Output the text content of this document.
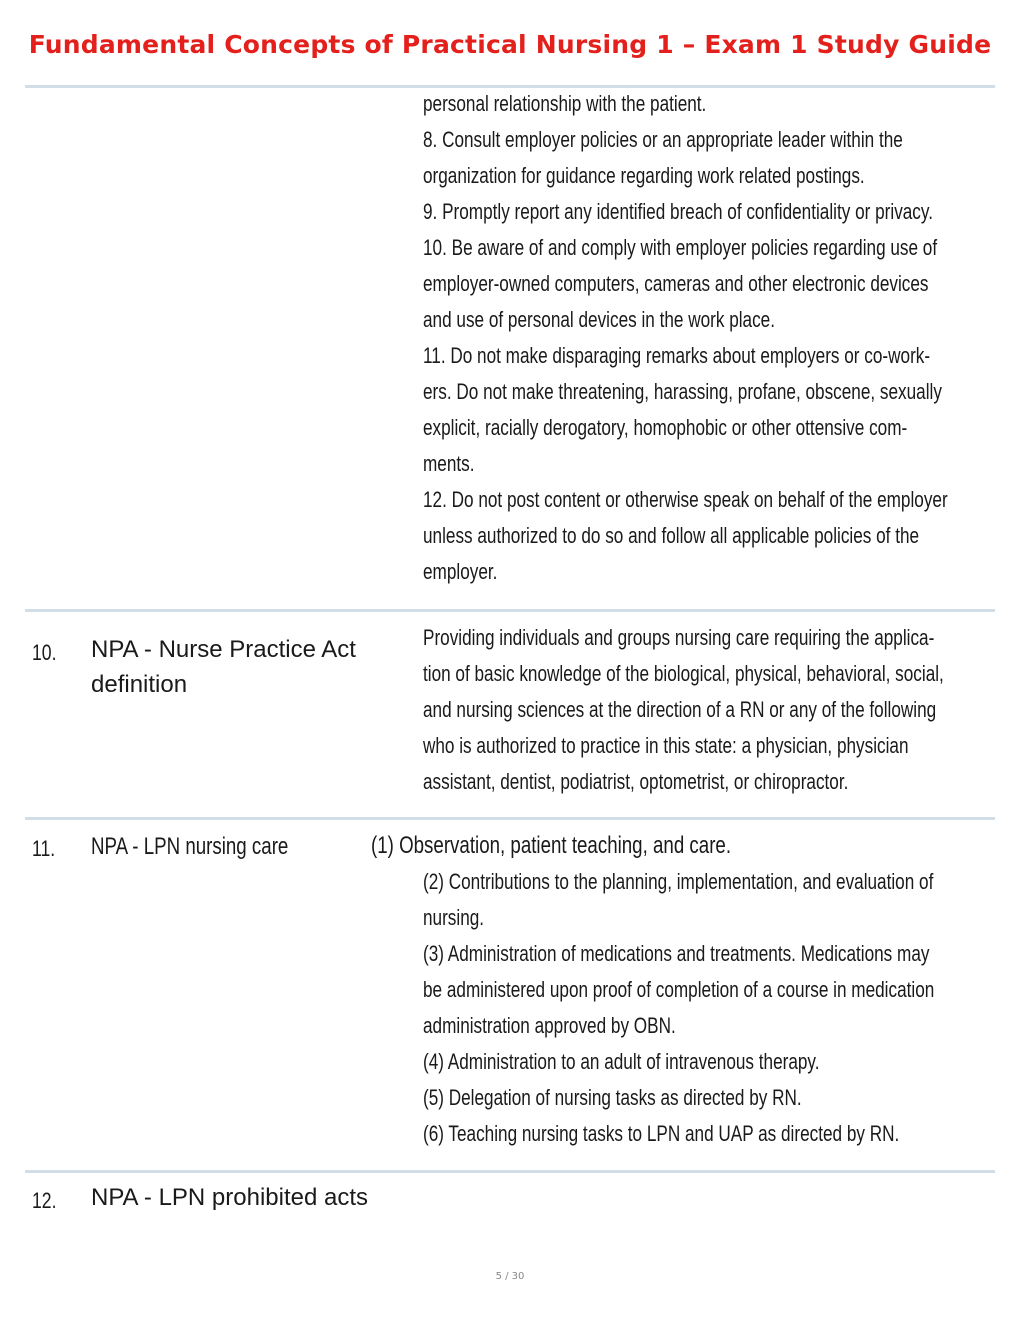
Fundamental Concepts of Practical Nursing 1 – Exam 1 Study Guide
personal relationship with the patient.
8. Consult employer policies or an appropriate leader within the
organization for guidance regarding work related postings.
9. Promptly report any identified breach of confidentiality or privacy.
10. Be aware of and comply with employer policies regarding use of
employer-owned computers, cameras and other electronic devices
and use of personal devices in the work place.
11. Do not make disparaging remarks about employers or co-work-
ers. Do not make threatening, harassing, profane, obscene, sexually
explicit, racially derogatory, homophobic or other ottensive com-
ments.
12. Do not post content or otherwise speak on behalf of the employer
unless authorized to do so and follow all applicable policies of the
employer.
10. NPA - Nurse Practice Act definition
Providing individuals and groups nursing care requiring the applica-
tion of basic knowledge of the biological, physical, behavioral, social,
and nursing sciences at the direction of a RN or any of the following
who is authorized to practice in this state: a physician, physician
assistant, dentist, podiatrist, optometrist, or chiropractor.
11. NPA - LPN nursing care	(1) Observation, patient teaching, and care.
(2) Contributions to the planning, implementation, and evaluation of
nursing.
(3) Administration of medications and treatments. Medications may
be administered upon proof of completion of a course in medication
administration approved by OBN.
(4) Administration to an adult of intravenous therapy.
(5) Delegation of nursing tasks as directed by RN.
(6) Teaching nursing tasks to LPN and UAP as directed by RN.
12. NPA - LPN prohibited acts
5 / 30
